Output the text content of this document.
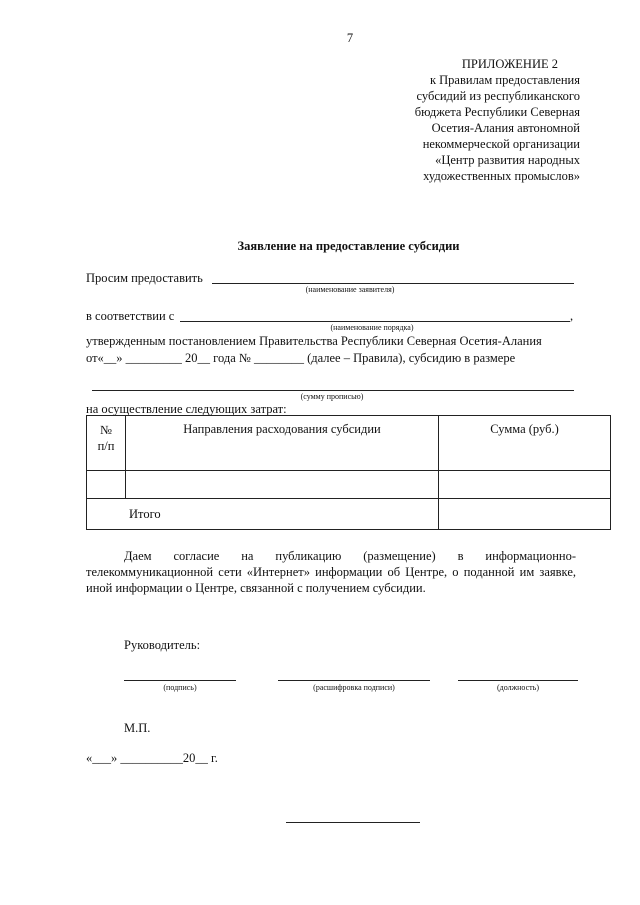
7
ПРИЛОЖЕНИЕ 2
к Правилам предоставления
субсидий из республиканского
бюджета Республики Северная
Осетия-Алания автономной
некоммерческой организации
«Центр развития народных
художественных промыслов»
Заявление на предоставление субсидии
Просим предоставить
(наименование заявителя)
в соответствии с	,
(наименование порядка)
утвержденным постановлением Правительства Республики Северная Осетия-Алания
от«__» _________ 20__ года № ________ (далее – Правила), субсидию в размере
(сумму прописью)
на осуществление следующих затрат:
№ п/п	Направления расходования субсидии	Сумма (руб.)

Итого		

Даем согласие на публикацию (размещение) в информационно-телекоммуникационной сети «Интернет» информации об Центре, о поданной им заявке, иной информации о Центре, связанной с получением субсидии.

Руководитель:
(подпись)	(расшифровка подписи)	(должность)
М.П.
«___» __________20__ г.
